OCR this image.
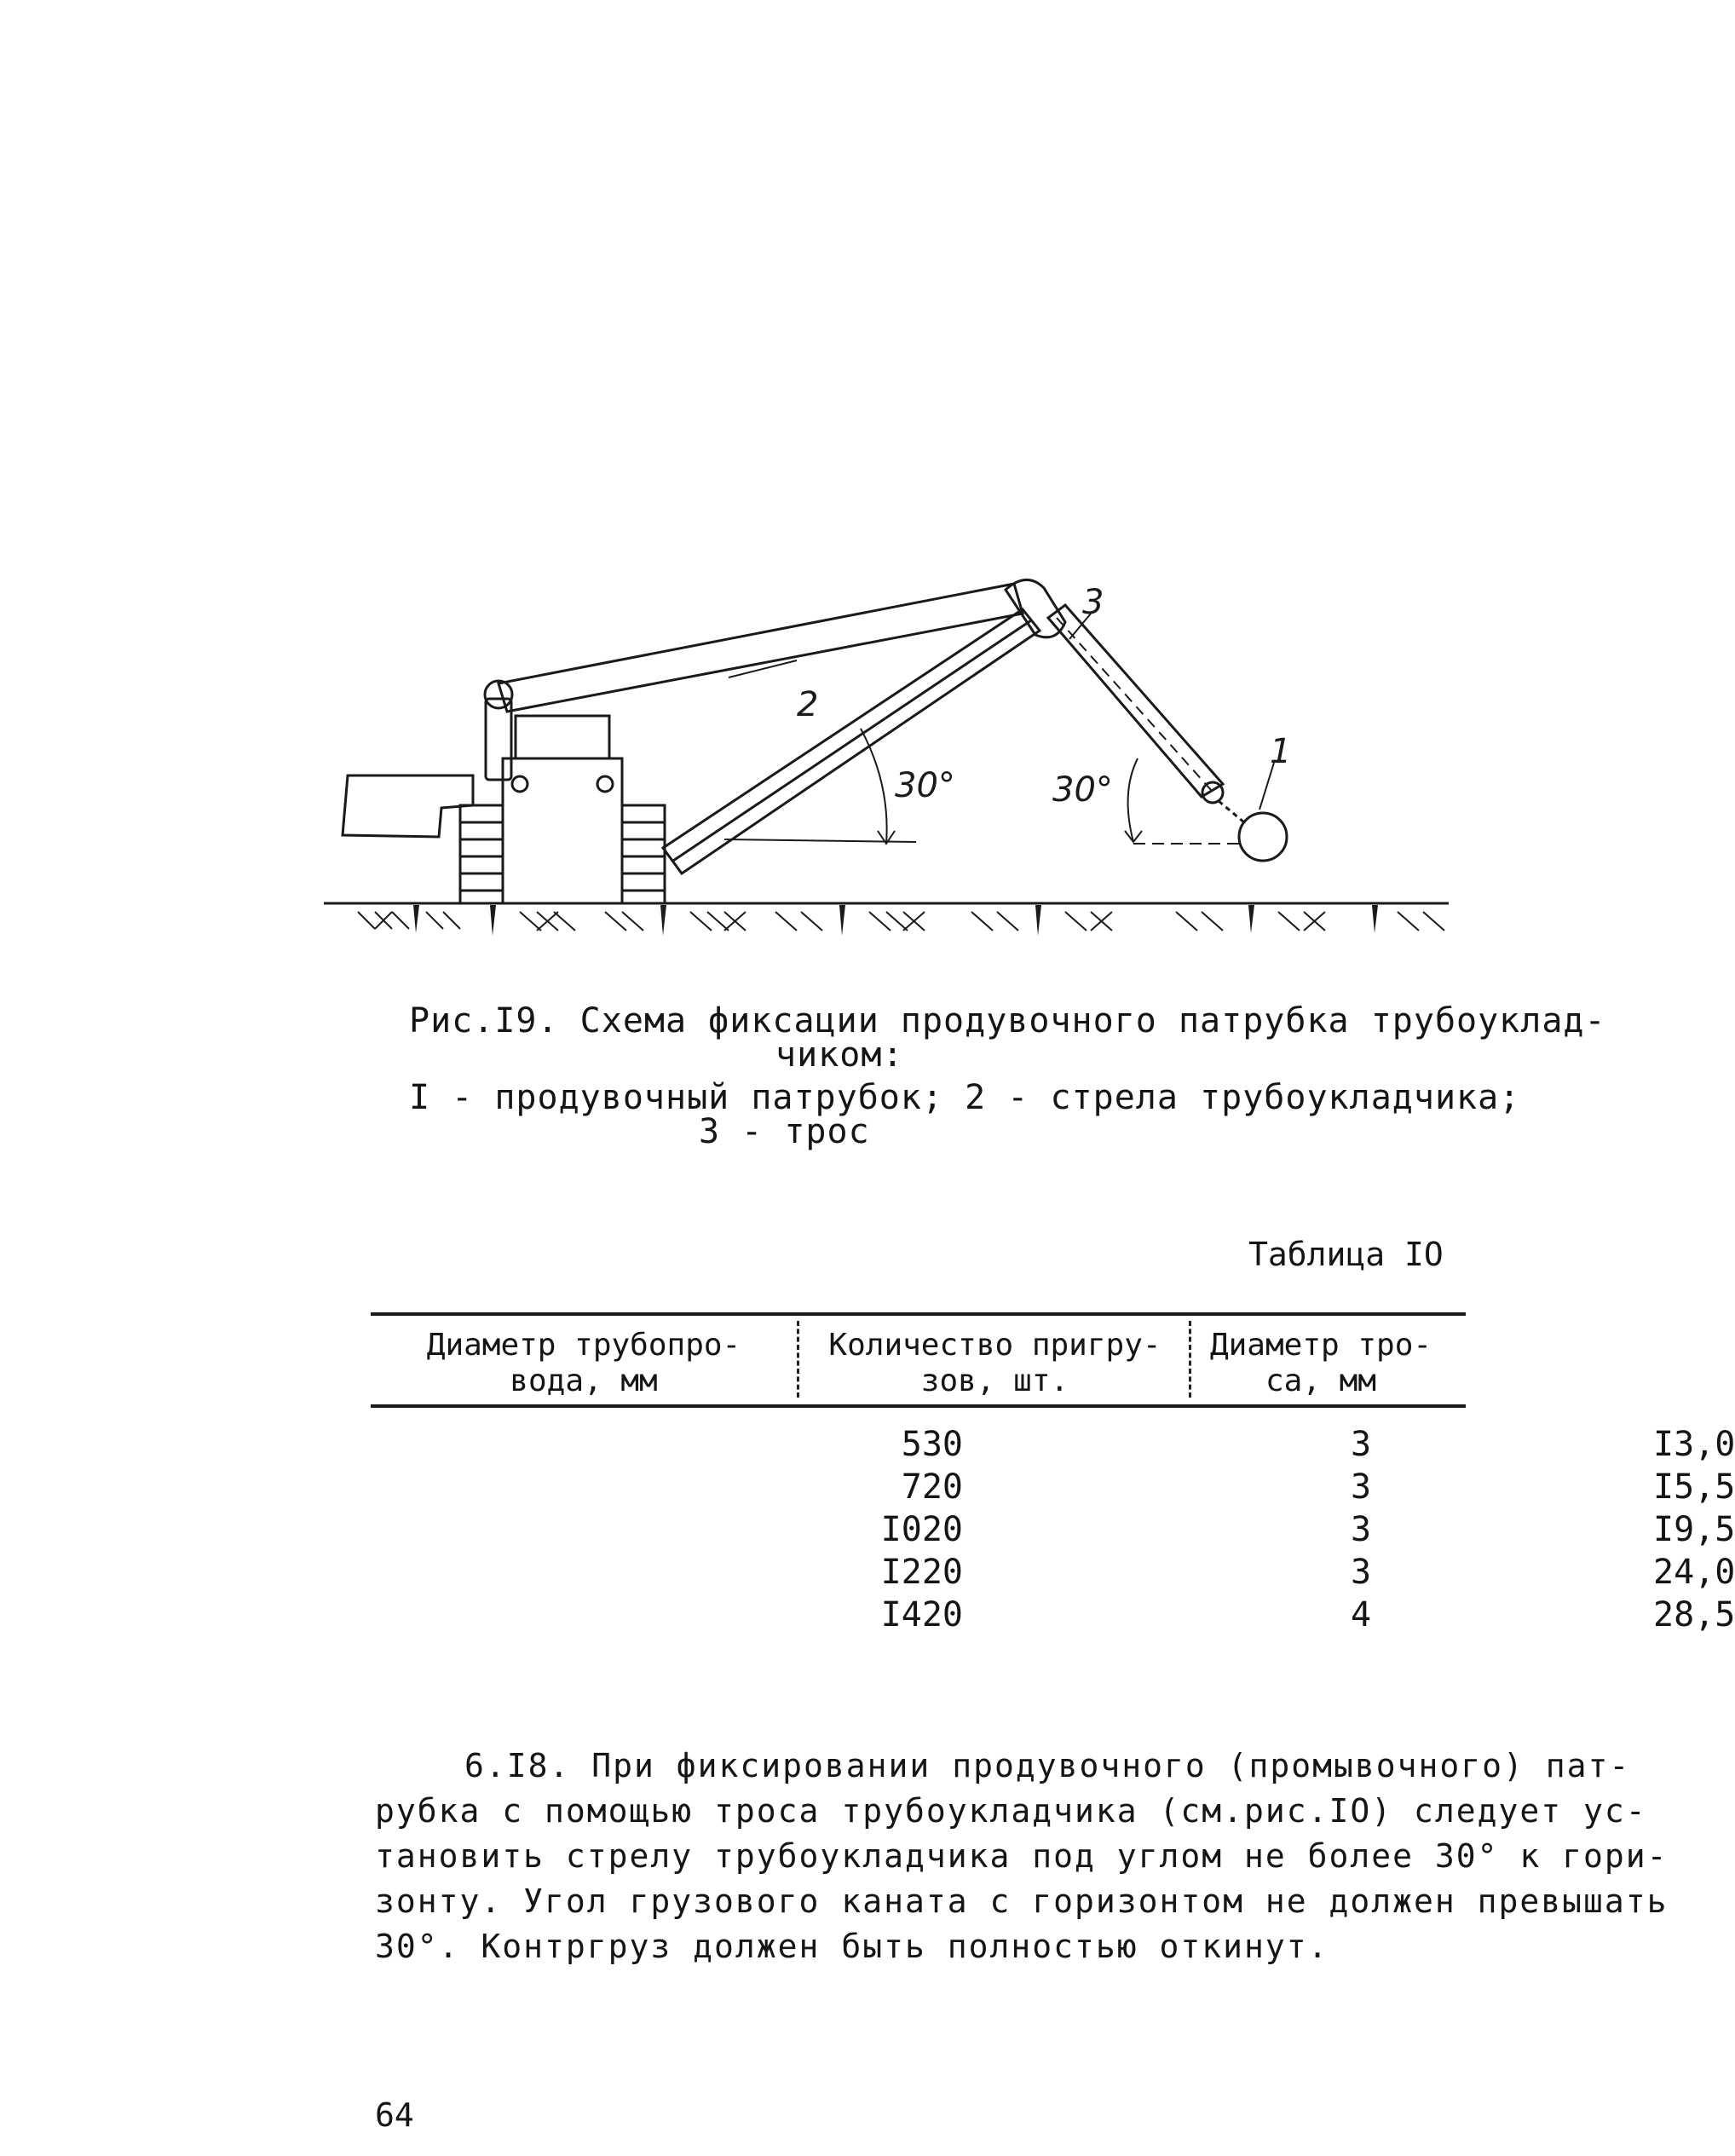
3
2
1
30°	30°
Рис.I9. Схема фиксации продувочного патрубка трубоуклад-
чиком:
I - продувочный патрубок; 2 - стрела трубоукладчика;
3 - трос
Таблица IO
Диаметр трубопро-
вода, мм
Количество пригру-
зов, шт.
Диаметр тро-
са, мм
530	3	I3,0
720	3	I5,5
I020	3	I9,5
I220	3	24,0
I420	4	28,5
6.I8. При фиксировании продувочного (промывочного) пат-
рубка с помощью троса трубоукладчика (см.рис.IO) следует ус-
тановить стрелу трубоукладчика под углом не более 30° к гори-
зонту. Угол грузового каната с горизонтом не должен превышать
30°. Контргруз должен быть полностью откинут.
64
